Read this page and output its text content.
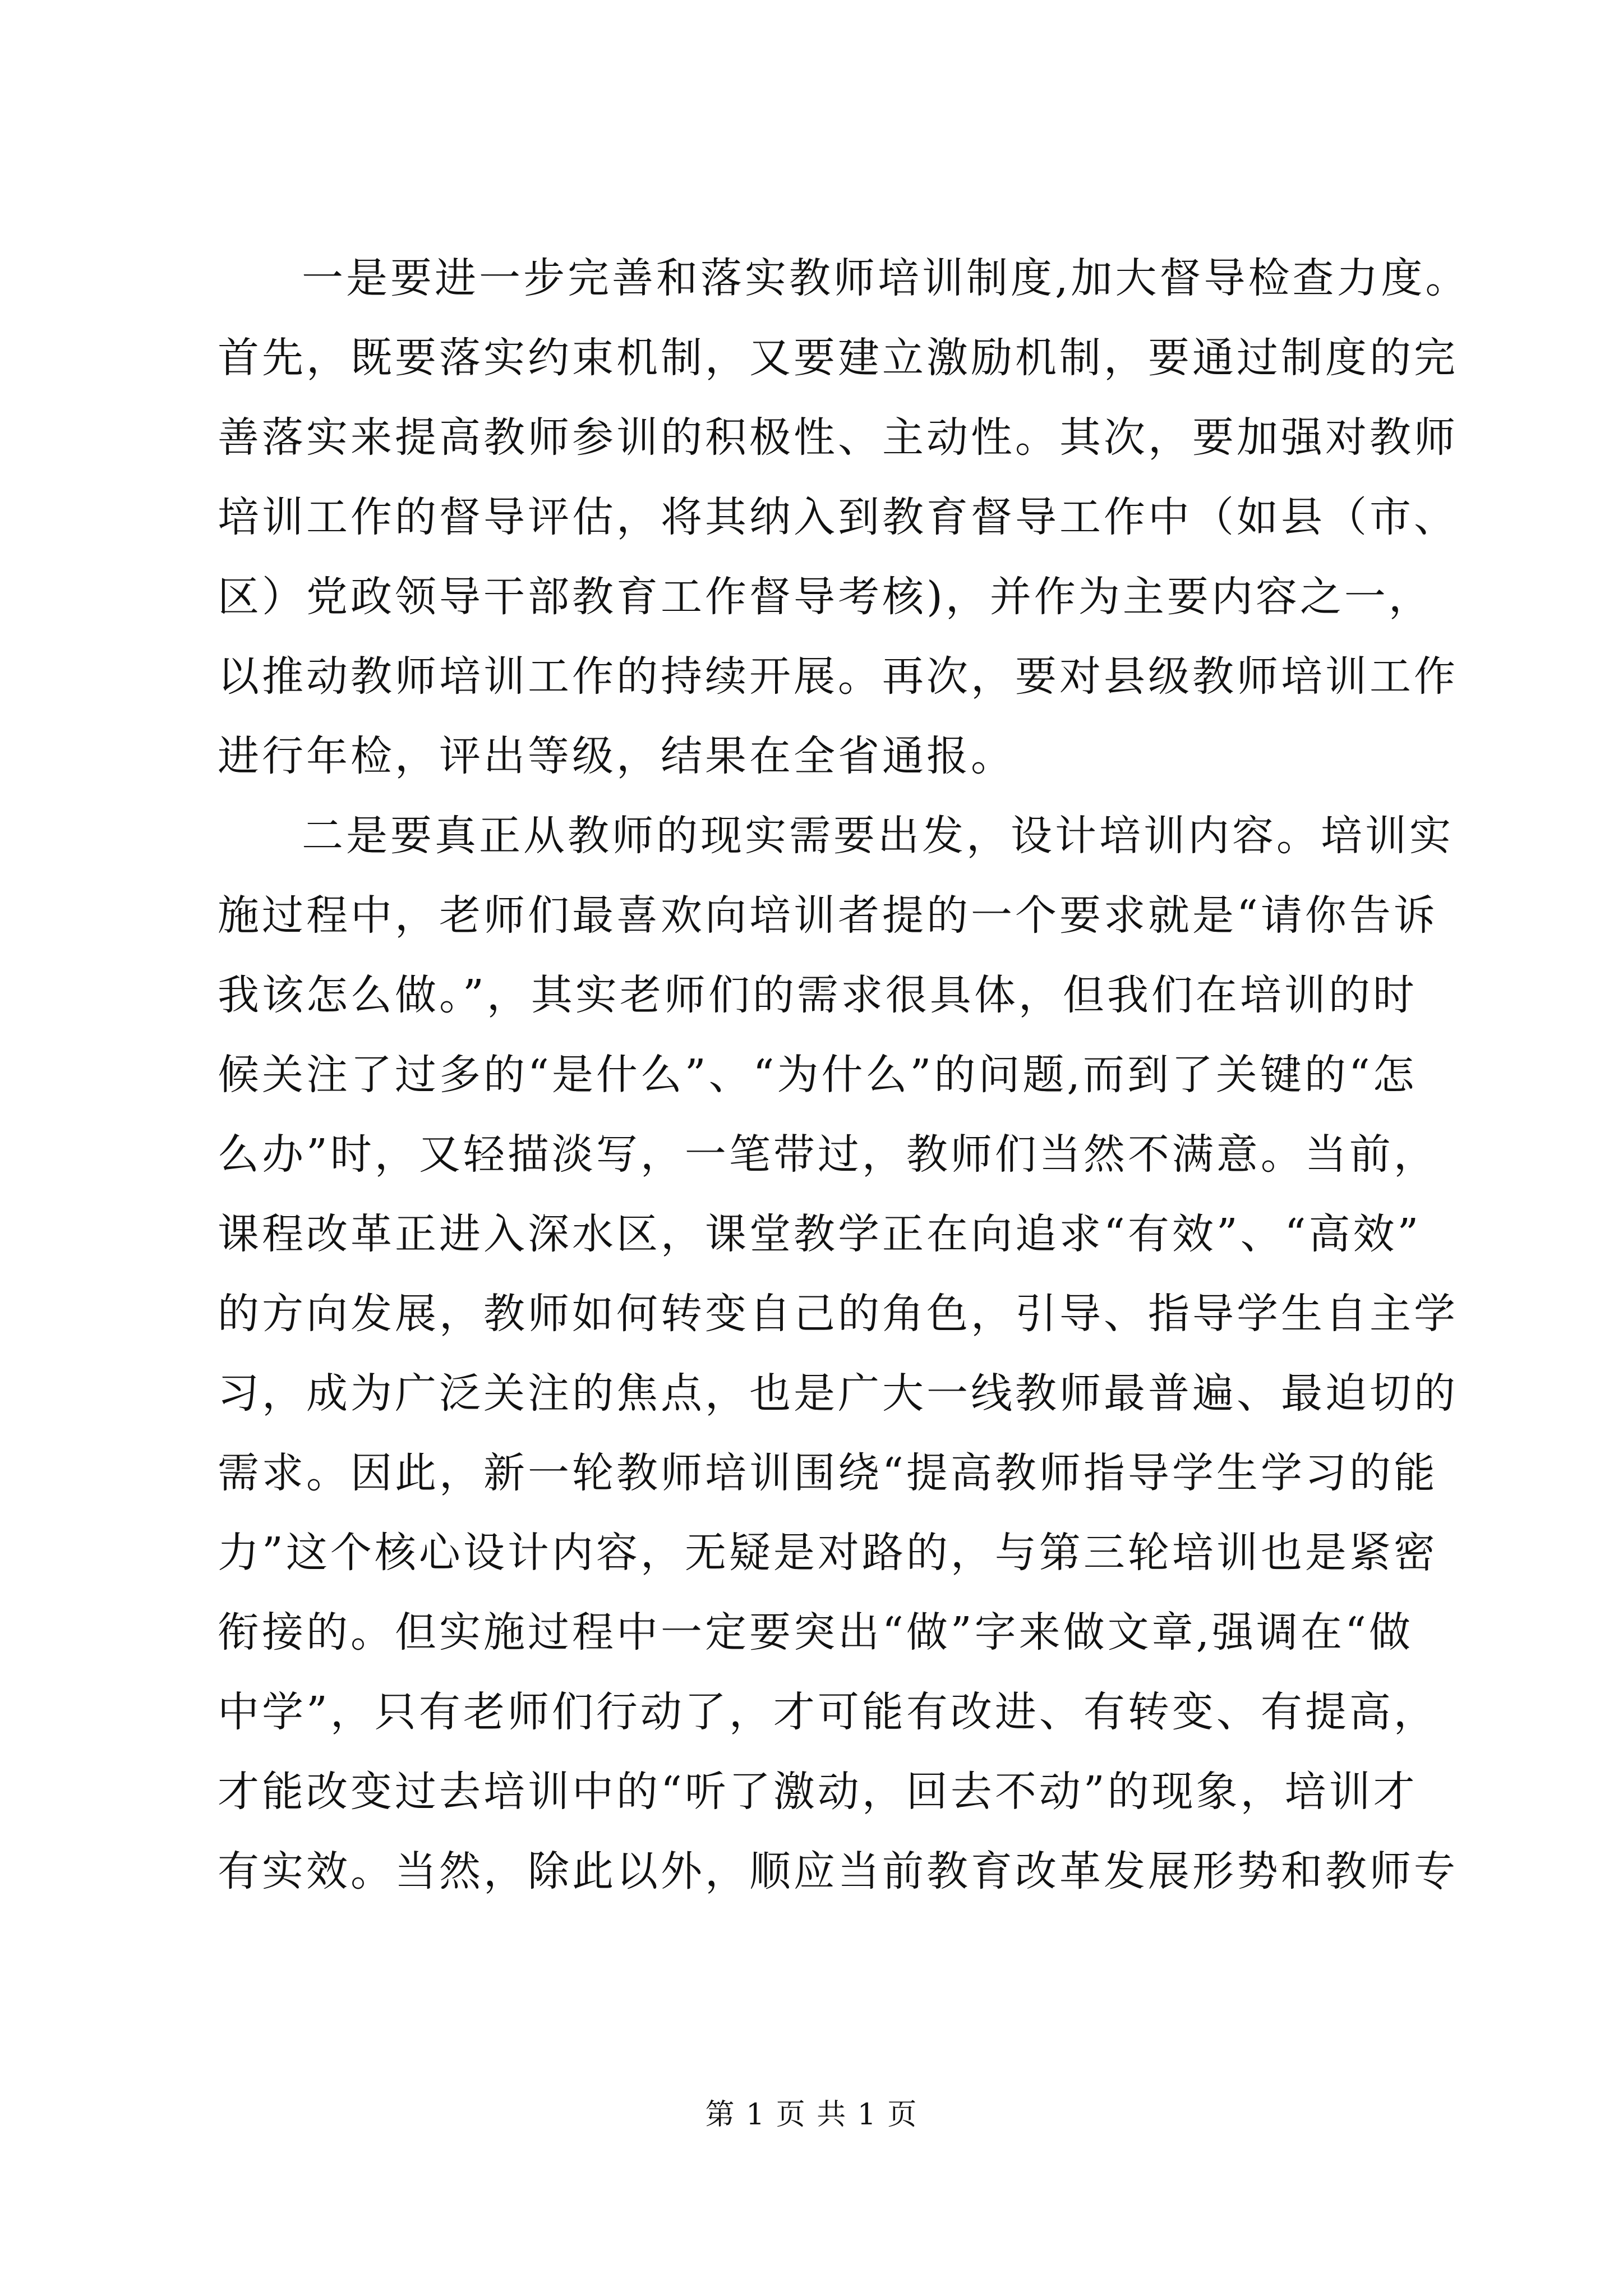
一是要进一步完善和落实教师培训制度,加大督导检查力度。
首先，既要落实约束机制，又要建立激励机制，要通过制度的完
善落实来提高教师参训的积极性、主动性。其次，要加强对教师
培训工作的督导评估，将其纳入到教育督导工作中（如县（市、
区）党政领导干部教育工作督导考核)，并作为主要内容之一，
以推动教师培训工作的持续开展。再次，要对县级教师培训工作
进行年检，评出等级，结果在全省通报。
二是要真正从教师的现实需要出发，设计培训内容。培训实
施过程中，老师们最喜欢向培训者提的一个要求就是“请你告诉
我该怎么做。”，其实老师们的需求很具体，但我们在培训的时
候关注了过多的“是什么”、“为什么”的问题,而到了关键的“怎
么办”时，又轻描淡写，一笔带过，教师们当然不满意。当前，
课程改革正进入深水区，课堂教学正在向追求“有效”、“高效”
的方向发展，教师如何转变自己的角色，引导、指导学生自主学
习，成为广泛关注的焦点，也是广大一线教师最普遍、最迫切的
需求。因此，新一轮教师培训围绕“提高教师指导学生学习的能
力”这个核心设计内容，无疑是对路的，与第三轮培训也是紧密
衔接的。但实施过程中一定要突出“做”字来做文章,强调在“做
中学”，只有老师们行动了，才可能有改进、有转变、有提高，
才能改变过去培训中的“听了激动，回去不动”的现象，培训才
有实效。当然，除此以外，顺应当前教育改革发展形势和教师专
第 1 页 共 1 页
